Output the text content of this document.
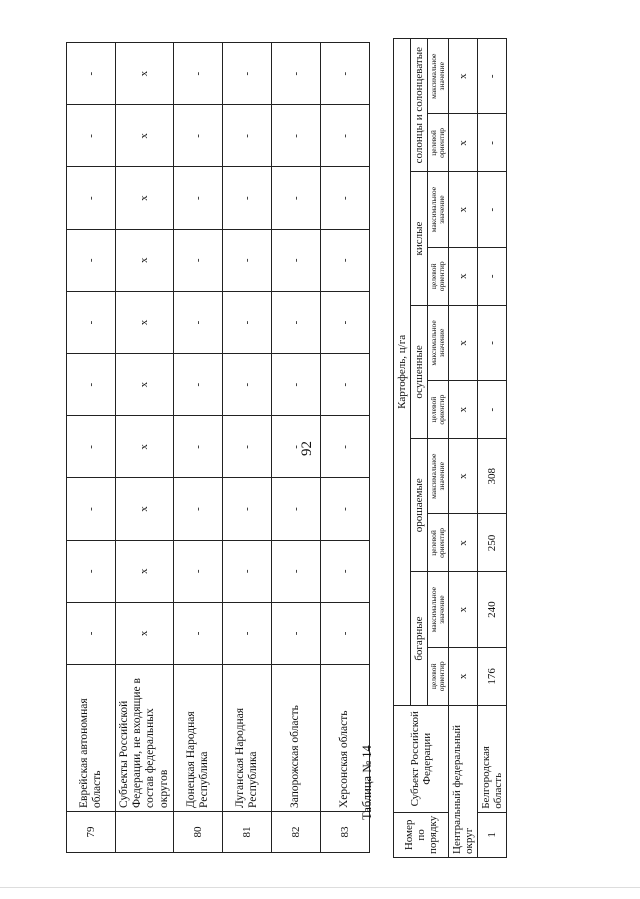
92
79	Еврейская автономная область	-	-	-	-	-	-	-	-	-	-
	Субъекты Российской Федерации, не входящие в состав федеральных округов	х	х	х	х	х	х	х	х	х	х
80	Донецкая Народная Республика	-	-	-	-	-	-	-	-	-	-
81	Луганская Народная Республика	-	-	-	-	-	-	-	-	-	-
82	Запорожская область	-	-	-	-	-	-	-	-	-	-
83	Херсонская область	-	-	-	-	-	-	-	-	-	-
Таблица № 14
Номер по порядку	Субъект Российской Федерации	Картофель, ц/га									
		богарные		орошаемые		осушенные		кислые		солонцы и солонцеватые	
		целевой ориентир	максимальное значение	целевой ориентир	максимальное значение	целевой ориентир	максимальное значение	целевой ориентир	максимальное значение	целевой ориентир	максимальное значение
Центральный федеральный округ		х	х	х	х	х	х	х	х	х	х
1	Белгородская область	176	240	250	308	-	-	-	-	-	-
